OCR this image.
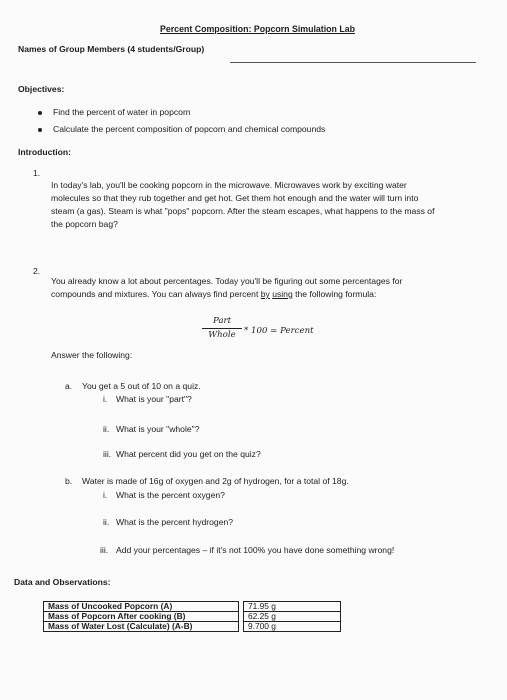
Percent Composition: Popcorn Simulation Lab
Names of Group Members (4 students/Group)
Objectives:
Find the percent of water in popcorn
Calculate the percent composition of popcorn and chemical compounds
Introduction:
1.
In today's lab, you'll be cooking popcorn in the microwave. Microwaves work by exciting water
molecules so that they rub together and get hot. Get them hot enough and the water will turn into
steam (a gas). Steam is what "pops" popcorn. After the steam escapes, what happens to the mass of
the popcorn bag?
2.
You already know a lot about percentages. Today you'll be figuring out some percentages for
compounds and mixtures. You can always find percent by using the following formula:
Part
Whole * 100 = Percent
Answer the following:
a. You get a 5 out of 10 on a quiz.
i. What is your "part"?
ii. What is your "whole"?
iii. What percent did you get on the quiz?
b. Water is made of 16g of oxygen and 2g of hydrogen, for a total of 18g.
i. What is the percent oxygen?
ii. What is the percent hydrogen?
iii. Add your percentages – if it's not 100% you have done something wrong!
Data and Observations:
Mass of Uncooked Popcorn (A)		71.95 g
Mass of Popcorn After cooking (B)		62.25 g
Mass of Water Lost (Calculate) (A-B)		9.700 g
